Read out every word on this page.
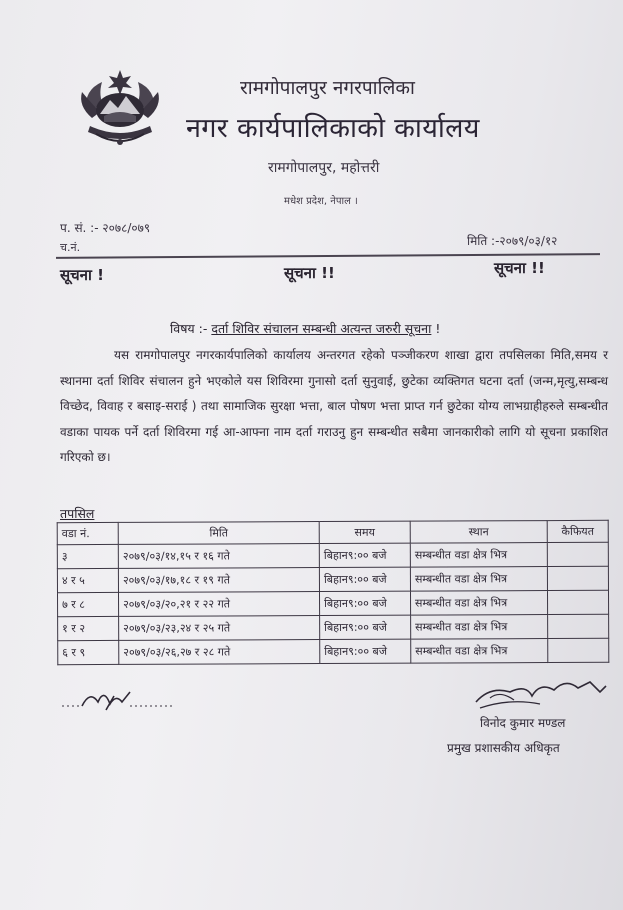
रामगोपालपुर नगरपालिका
नगर कार्यपालिकाको कार्यालय
रामगोपालपुर, महोत्तरी
मधेश प्रदेश, नेपाल ।
प. सं. :- २०७८/०७९
च.नं.	मिति :-२०७९/०३/१२
सूचना !	सूचना !!	सूचना !!
विषय :- दर्ता शिविर संचालन सम्बन्धी अत्यन्त जरुरी सूचना !
यस रामगोपालपुर नगरकार्यपालिको कार्यालय अन्तरगत रहेको पञ्जीकरण शाखा द्वारा तपसिलका मिति,समय र स्थानमा दर्ता शिविर संचालन हुने भएकोले यस शिविरमा गुनासो दर्ता सुनुवाई, छुटेका व्यक्तिगत घटना दर्ता (जन्म,मृत्यु,सम्बन्ध विच्छेद, विवाह र बसाइ-सराई ) तथा सामाजिक सुरक्षा भत्ता, बाल पोषण भत्ता प्राप्त गर्न छुटेका योग्य लाभग्राहीहरुले सम्बन्धीत वडाका पायक पर्ने दर्ता शिविरमा गई आ-आफ्ना नाम दर्ता गराउनु हुन सम्बन्धीत सबैमा जानकारीको लागि यो सूचना प्रकाशित गरिएको छ।
तपसिल
वडा नं.	मिति	समय	स्थान	कैफियत
३	२०७९/०३/१४,१५ र १६ गते	बिहान९:०० बजे	सम्बन्धीत वडा क्षेत्र भित्र	
४ र ५	२०७९/०३/१७,१८ र १९ गते	बिहान९:०० बजे	सम्बन्धीत वडा क्षेत्र भित्र	
७ र ८	२०७९/०३/२०,२१ र २२ गते	बिहान९:०० बजे	सम्बन्धीत वडा क्षेत्र भित्र	
१ र २	२०७९/०३/२३,२४ र २५ गते	बिहान९:०० बजे	सम्बन्धीत वडा क्षेत्र भित्र	
६ र ९	२०७९/०३/२६,२७ र २८ गते	बिहान९:०० बजे	सम्बन्धीत वडा क्षेत्र भित्र	
विनोद कुमार मण्डल
प्रमुख प्रशासकीय अधिकृत
